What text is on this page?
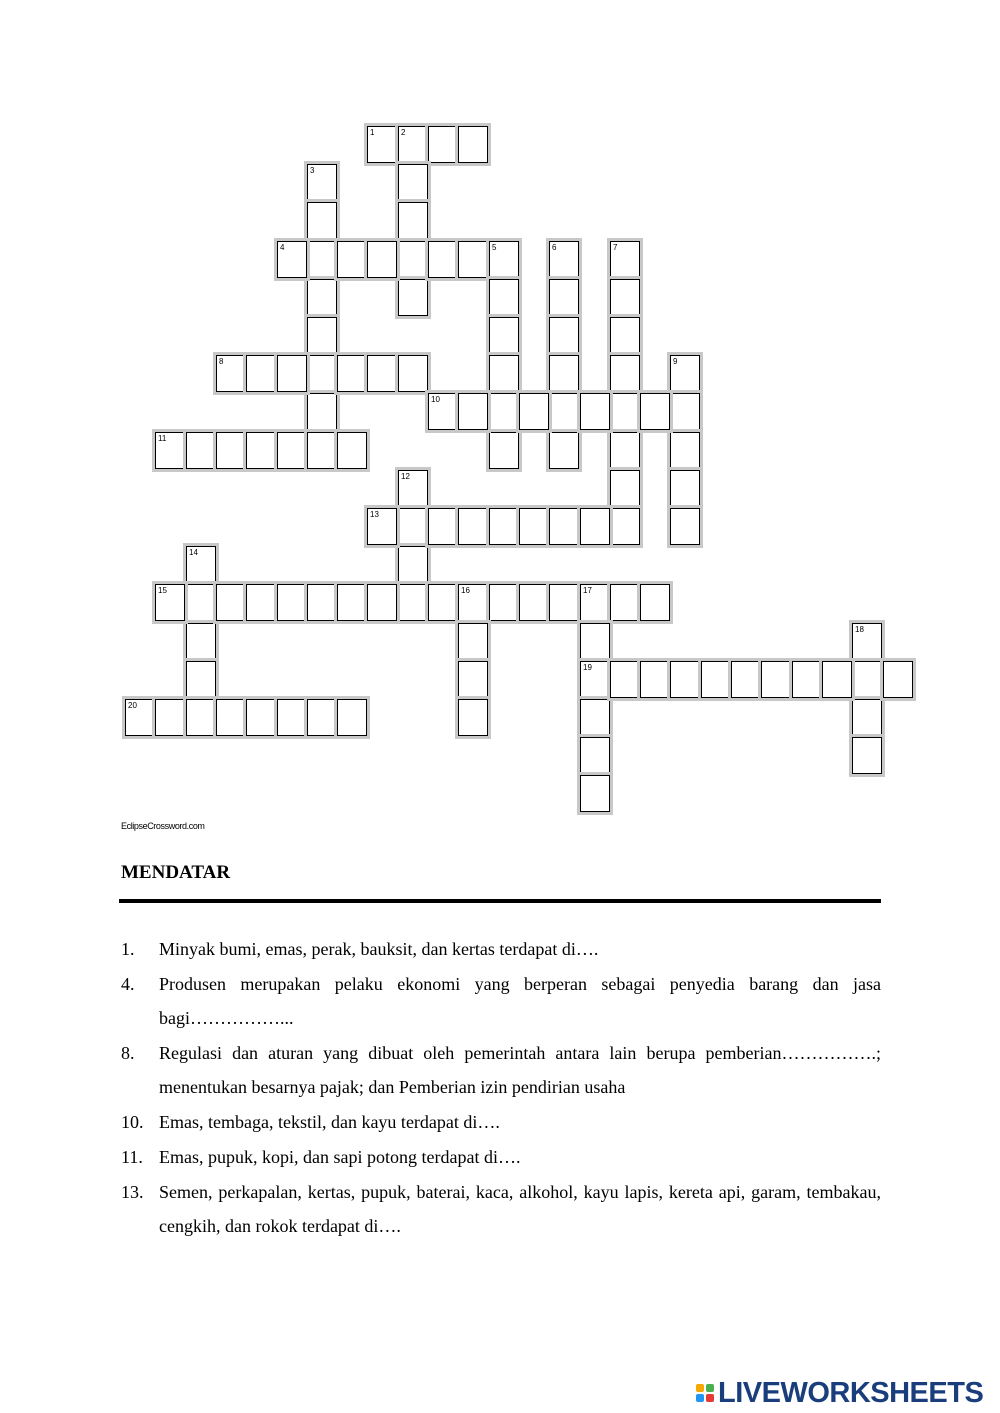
1	2
3
4	5	6	7
8	9
10
11
12
13
14
15	16	17
19
18
20
EclipseCrossword.com
MENDATAR
1. Minyak bumi, emas, perak, bauksit, dan kertas terdapat di….
4. Produsen merupakan pelaku ekonomi yang berperan sebagai penyedia barang dan jasa bagi……………...
8. Regulasi dan aturan yang dibuat oleh pemerintah antara lain berupa pemberian…………….; menentukan besarnya pajak; dan Pemberian izin pendirian usaha
10. Emas, tembaga, tekstil, dan kayu terdapat di….
11. Emas, pupuk, kopi, dan sapi potong terdapat di….
13. Semen, perkapalan, kertas, pupuk, baterai, kaca, alkohol, kayu lapis, kereta api, garam, tembakau, cengkih, dan rokok terdapat di….
LIVEWORKSHEETS
